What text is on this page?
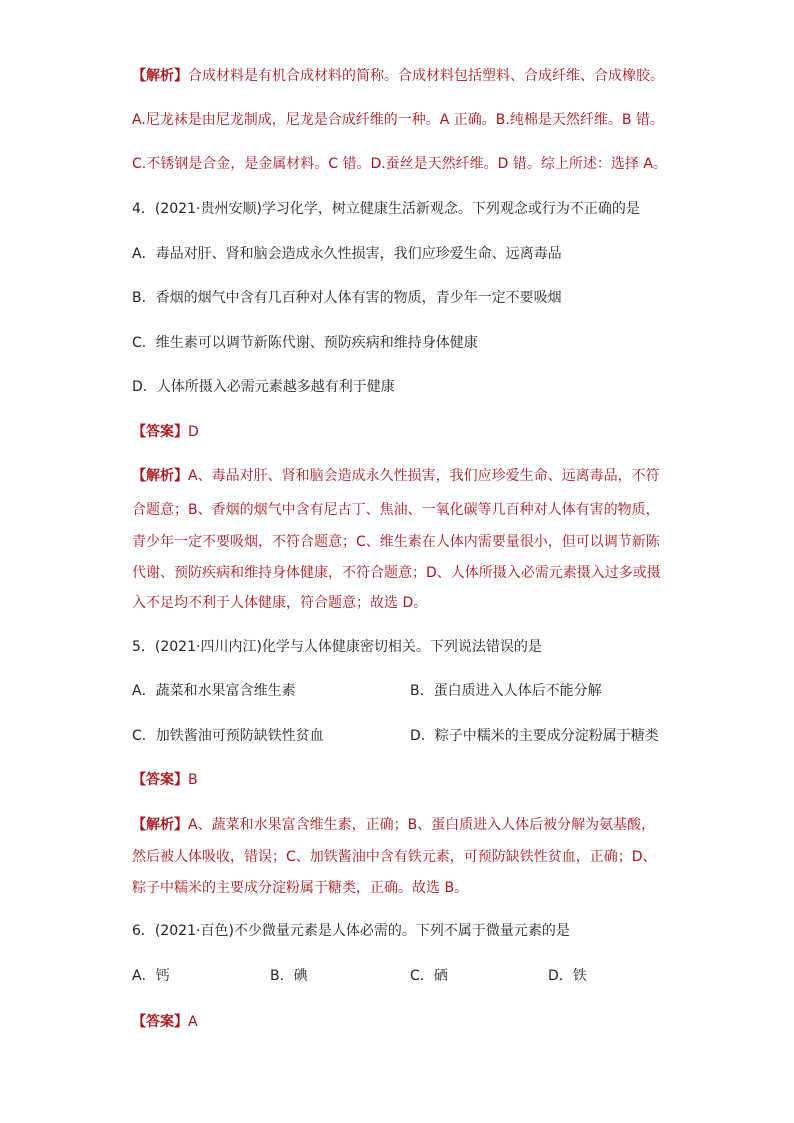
【解析】合成材料是有机合成材料的简称。合成材料包括塑料、合成纤维、合成橡胶。
A.尼龙袜是由尼龙制成，尼龙是合成纤维的一种。A 正确。B.纯棉是天然纤维。B 错。
C.不锈钢是合金，是金属材料。C 错。D.蚕丝是天然纤维。D 错。综上所述：选择 A。
4．(2021·贵州安顺)学习化学，树立健康生活新观念。下列观念或行为不正确的是
A．毒品对肝、肾和脑会造成永久性损害，我们应珍爱生命、远离毒品
B．香烟的烟气中含有几百种对人体有害的物质，青少年一定不要吸烟
C．维生素可以调节新陈代谢、预防疾病和维持身体健康
D．人体所摄入必需元素越多越有利于健康
【答案】D
【解析】A、毒品对肝、肾和脑会造成永久性损害，我们应珍爱生命、远离毒品，不符
合题意；B、香烟的烟气中含有尼古丁、焦油、一氧化碳等几百种对人体有害的物质，
青少年一定不要吸烟，不符合题意；C、维生素在人体内需要量很小，但可以调节新陈
代谢、预防疾病和维持身体健康，不符合题意；D、人体所摄入必需元素摄入过多或摄
入不足均不利于人体健康，符合题意；故选 D。
5．(2021·四川内江)化学与人体健康密切相关。下列说法错误的是
A．蔬菜和水果富含维生素	B．蛋白质进入人体后不能分解
C．加铁酱油可预防缺铁性贫血	D．粽子中糯米的主要成分淀粉属于糖类
【答案】B
【解析】A、蔬菜和水果富含维生素，正确；B、蛋白质进入人体后被分解为氨基酸，
然后被人体吸收，错误；C、加铁酱油中含有铁元素，可预防缺铁性贫血，正确；D、
粽子中糯米的主要成分淀粉属于糖类，正确。故选 B。
6．(2021·百色)不少微量元素是人体必需的。下列不属于微量元素的是
A．钙	B．碘	C．硒	D．铁
【答案】A
